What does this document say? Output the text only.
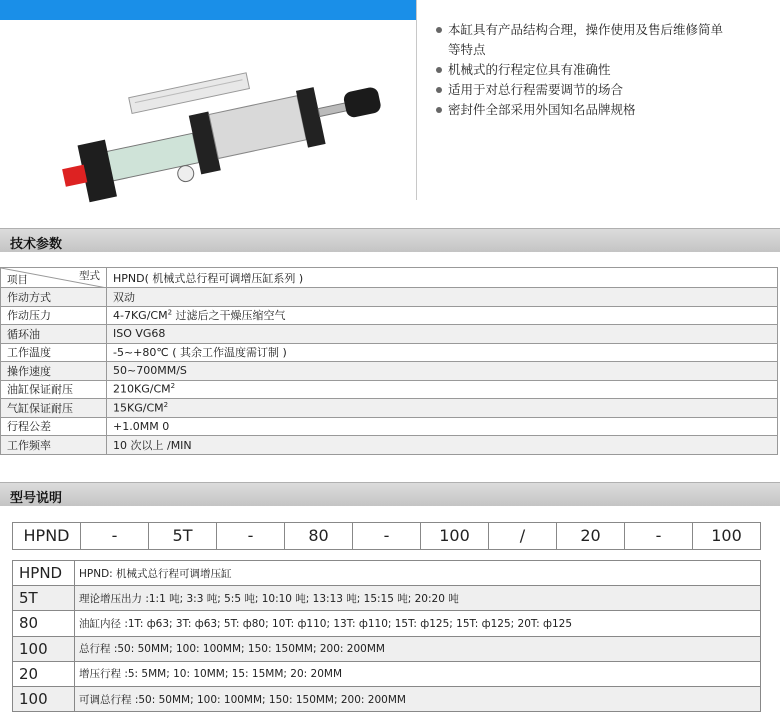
本缸具有产品结构合理，操作使用及售后维修简单
等特点
机械式的行程定位具有准确性
适用于对总行程需要调节的场合
密封件全部采用外国知名品牌规格
技术参数
型式
项目	HPND( 机械式总行程可调增压缸系列 )
作动方式	双动
作动压力	$4-7KG/CM^2$ 过滤后之干燥压缩空气
循环油	ISO VG68
工作温度	-5~+80℃ ( 其余工作温度需订制 )
操作速度	50~700MM/S
油缸保证耐压	$210KG/CM^2$
气缸保证耐压	$15KG/CM^2$
行程公差	+1.0MM 0
工作频率	10 次以上 /MIN
型号说明
HPND	-	5T	-	80	-	100	/	20	-	100
HPND	HPND: 机械式总行程可调增压缸
5T	理论增压出力 :1:1 吨; 3:3 吨; 5:5 吨; 10:10 吨; 13:13 吨; 15:15 吨; 20:20 吨
80	油缸内径 :1T: ф63; 3T: ф63; 5T: ф80; 10T: ф110; 13T: ф110; 15T: ф125; 15T: ф125; 20T: ф125
100	总行程 :50: 50MM; 100: 100MM; 150: 150MM; 200: 200MM
20	增压行程 :5: 5MM; 10: 10MM; 15: 15MM; 20: 20MM
100	可调总行程 :50: 50MM; 100: 100MM; 150: 150MM; 200: 200MM
